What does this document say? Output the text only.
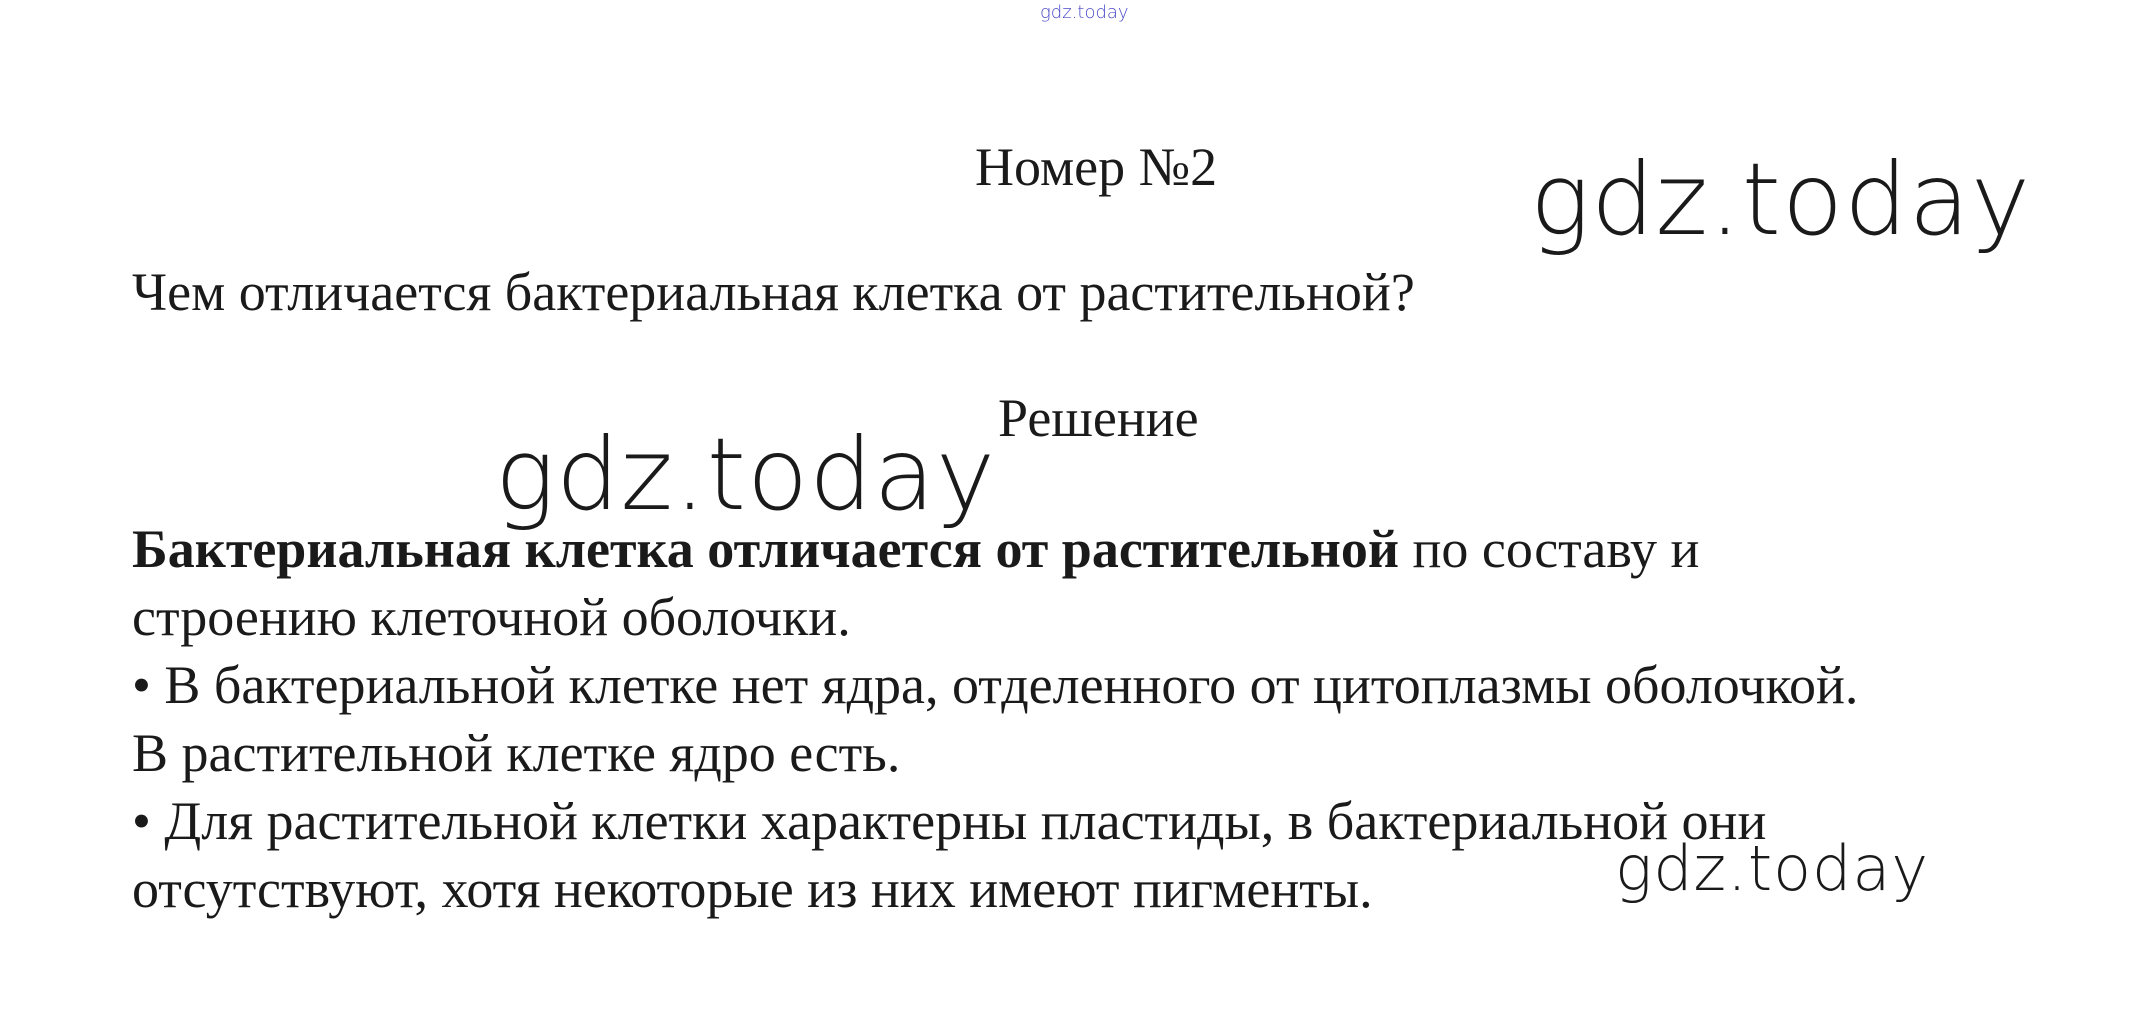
gdz.today
Номер №2
Чем отличается бактериальная клетка от растительной?
Решение
Бактериальная клетка отличается от растительной по составу и
строению клеточной оболочки.
• В бактериальной клетке нет ядра, отделенного от цитоплазмы оболочкой.
В растительной клетке ядро есть.
• Для растительной клетки характерны пластиды, в бактериальной они
отсутствуют, хотя некоторые из них имеют пигменты.
gdz.today
gdz.today
gdz.today
